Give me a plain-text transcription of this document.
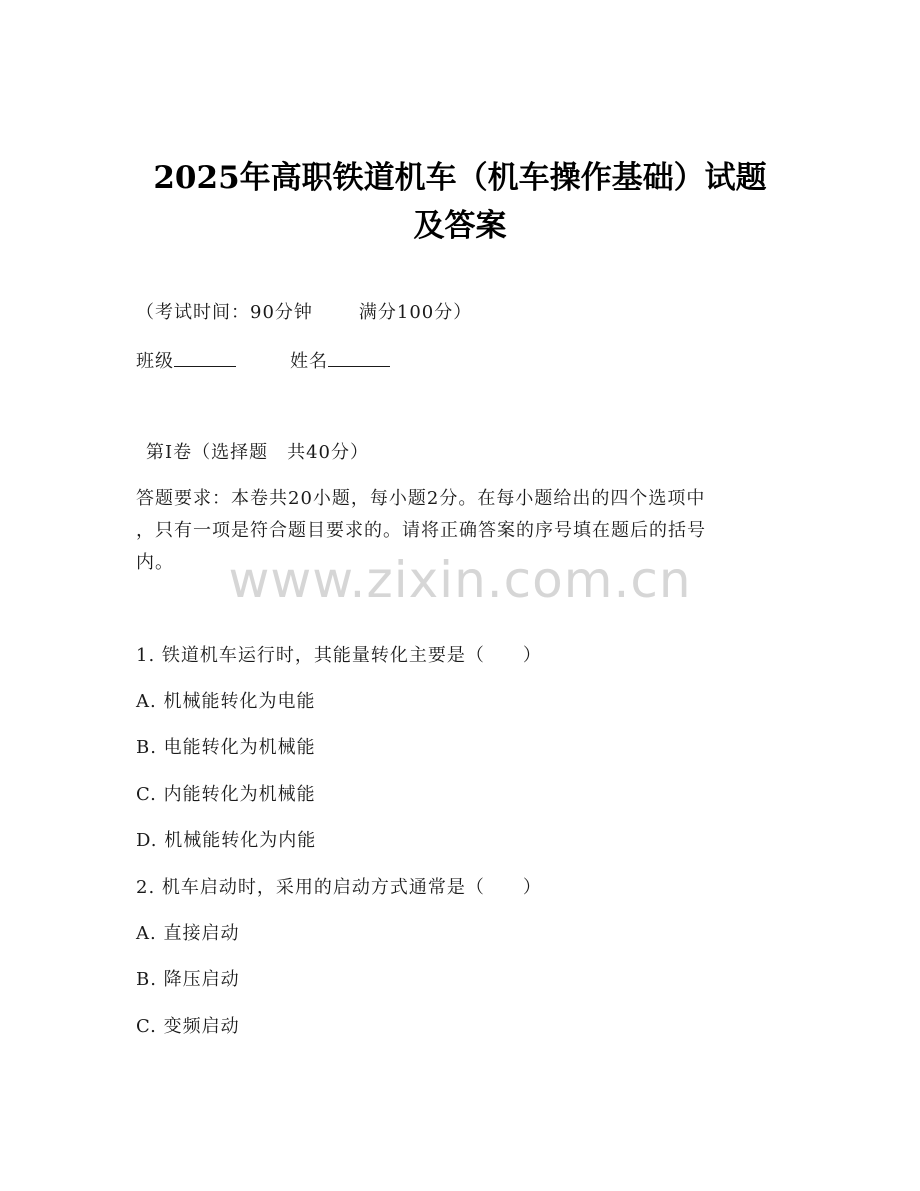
2025年高职铁道机车（机车操作基础）试题
及答案
（考试时间：90分钟	满分100分）
班级	姓名
第I卷（选择题　共40分）
答题要求：本卷共20小题，每小题2分。在每小题给出的四个选项中
，只有一项是符合题目要求的。请将正确答案的序号填在题后的括号
内。	www.zixin.com.cn
1. 铁道机车运行时，其能量转化主要是（　　）
A. 机械能转化为电能
B. 电能转化为机械能
C. 内能转化为机械能
D. 机械能转化为内能
2. 机车启动时，采用的启动方式通常是（　　）
A. 直接启动
B. 降压启动
C. 变频启动
